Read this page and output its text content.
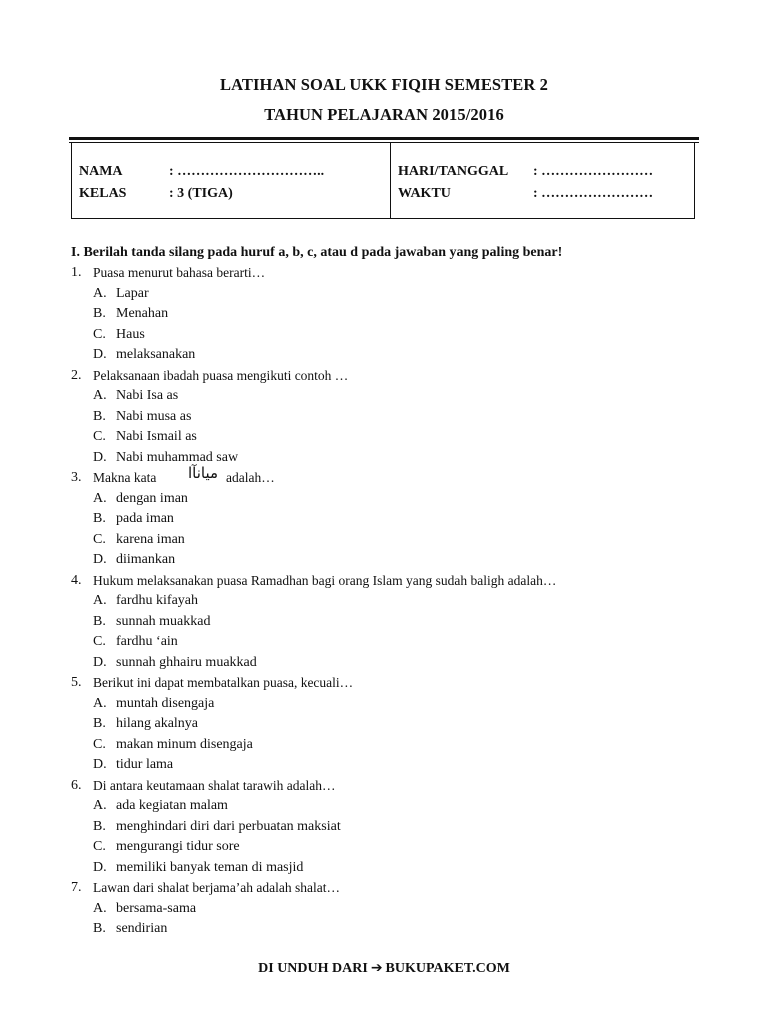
LATIHAN SOAL UKK FIQIH SEMESTER 2
TAHUN PELAJARAN 2015/2016
NAMA	: …………………………..
KELAS	: 3 (TIGA)
HARI/TANGGAL : ……………………
WAKTU	: ……………………
I. Berilah tanda silang pada huruf a, b, c, atau d pada jawaban yang paling benar!
1. Puasa menurut bahasa berarti…
A. Lapar
B. Menahan
C. Haus
D. melaksanakan
2. Pelaksanaan ibadah puasa mengikuti contoh …
A. Nabi Isa as
B. Nabi musa as
C. Nabi Ismail as
D. Nabi muhammad saw
3. Makna kata ﻣﻴﺎﻧﺂﺍ adalah…
A. dengan iman
B. pada iman
C. karena iman
D. diimankan
4. Hukum melaksanakan puasa Ramadhan bagi orang Islam yang sudah baligh adalah…
A. fardhu kifayah
B. sunnah muakkad
C. fardhu ‘ain
D. sunnah ghhairu muakkad
5. Berikut ini dapat membatalkan puasa, kecuali…
A. muntah disengaja
B. hilang akalnya
C. makan minum disengaja
D. tidur lama
6. Di antara keutamaan shalat tarawih adalah…
A. ada kegiatan malam
B. menghindari diri dari perbuatan maksiat
C. mengurangi tidur sore
D. memiliki banyak teman di masjid
7. Lawan dari shalat berjama’ah adalah shalat…
A. bersama-sama
B. sendirian
DI UNDUH DARI ➔ BUKUPAKET.COM
